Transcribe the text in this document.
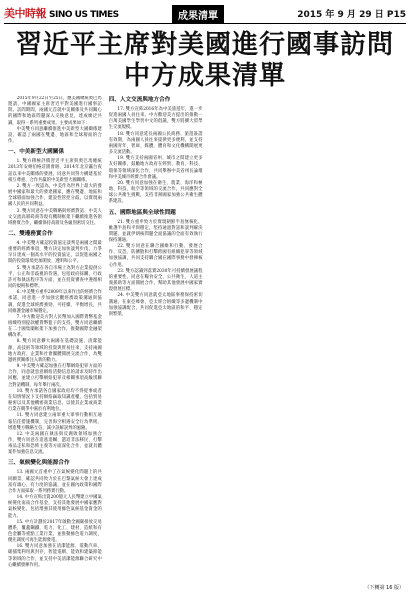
美中時報 SINO US TIMES	成果清單	2015 年 9 月 29 日 P15
習近平主席對美國進行國事訪問
中方成果清單

2015年9月22日至25日，應美國總統奧巴馬邀請，中國國家主席習近平對美國進行國事訪問。訪問期間，兩國元首就中美關係及共同關心的國際和地區問題深入交換意見，達成廣泛共識，取得一系列重要成果。主要成果如下：

中美雙方同意繼續推進中美新型大國關係建設，確認了兩國在雙邊、地區和全球層面的合作。

一、中美新型大國關係

1. 雙方積極評價習近平主席與奧巴馬總統2013年安納伯格莊園會晤、2014年北京瀛台夜話以來中美關係的發展，同意共同努力構建基於相互尊重、合作共贏的中美新型大國關係。

2. 雙方一致認為，中美作為世界上最大的發展中國家和最大的發達國家，應在雙邊、地區和全球層面加強合作，建設性管控分歧，以實現兩國人民的共同利益。

3. 雙方同意在中美戰略與經濟對話、中美人文交流高層磋商等現有機制框架下繼續推進各領域務實合作，繼續保持高層及各級別密切交往。

二、雙邊務實合作

4. 中美雙方確認投資協定談判是兩國之間最重要的經濟事項，雙方決定加快談判步伐，力爭早日達成一個高水平的投資協定，以促進兩國之間的投資環境更加開放、透明和公平。

5. 雙方承諾在各自市場上為對方企業提供公平、公正和非歧視的待遇，包括政府採購、行政許可和執法程序等方面，並在投資審查中遵循相同的規則和標準。

6. 中美雙方重申2009年以來作出的經濟合作承諾，同意進一步加強宏觀經濟政策溝通與協調，促進全球經濟強勁、可持續、平衡增長，共同維護金融市場穩定。

7. 中方歡迎美方對人民幣加入國際貨幣基金組織特別提款權貨幣籃子的支持，雙方同意繼續在二十國集團框架下加強合作，推動國際金融架構改革。

8. 雙方同意擴大兩國在基礎設施、清潔能源、高技術等領域的投資與貿易往來，支持兩國地方政府、企業和社會團體開展交流合作，為雙邊經貿關係注入新的動力。

9. 中美雙方確認加強在打擊網絡犯罪方面的合作，同意就惡意網絡活動信息的請求及時作出回應，並建立打擊網絡犯罪及相關事項高級別聯合對話機制，每年舉行兩次。

10. 雙方承諾各自國家政府均不得從事或者在知情情況下支持網絡竊取知識產權，包括貿易秘密以及其他機密商業信息，以使其企業或商業行業在競爭中處於有利地位。

11. 雙方同意建立兩軍重大軍事行動相互通報信任措施機制，完善海空相遇安全行為準則，增進雙方戰略互信，減少誤解誤判的風險。

12. 中美兩國在執法與反腐敗領域加強合作，雙方同意在追逃追贓、遣返非法移民、打擊毒品走私和恐怖主義等方面深化合作，並就具體案件加強信息交流。

三、氣候變化與能源合作

13. 兩國元首重申了在氣候變化問題上的共同願景，確認共同致力於在巴黎氣候大會上達成富有雄心、有力度的協議，並在國內政策和國際合作方面採取一系列務實行動。

14. 中方宣佈出資200億元人民幣建立中國氣候變化南南合作基金，支持其他發展中國家應對氣候變化，包括增強其使用綠色氣候基金資金的能力。

15. 中方計劃於2017年啟動全國碳排放交易體系，覆蓋鋼鐵、電力、化工、建材、造紙和有色金屬等重點工業行業，並推動綠色電力調度，優先調度可再生能源發電。

16. 雙方同意加強在清潔能源、電動汽車、碳捕集利用與封存、智能電網、能效和建築節能等領域的合作，並支持中美清潔能源聯合研究中心繼續發揮作用。

四、人文交流與地方合作

17. 雙方宣佈2016年為中美旅遊年，進一步促進兩國人員往來。中方歡迎美方提出的推動一百萬美國學生學習中文的倡議，雙方將擴大留學生交流規模。

18. 雙方同意延長兩國公民商務、旅遊簽證有效期，為兩國人員往來提供更多便利，並支持兩國青年、智庫、媒體、體育和文化機構開展更多交流活動。

19. 雙方支持兩國省州、城市之間建立更多友好關係，鼓勵地方政府在經貿、教育、科技、環保等領域深化合作，共同舉辦中美省州長論壇和中美城市經濟合作會議。

20. 雙方同意加強在衛生、農業、海洋和極地、科技、航空等領域的交流合作，共同應對全球公共衛生挑戰，支持非洲國家加強公共衛生體系建設。

五、國際地區與全球性問題

21. 雙方重申致力於實現朝鮮半島無核化，維護半島和平與穩定，堅持通過對話和談判解決問題，並就伊朗核問題全面協議的全面有效執行保持溝通。

22. 雙方同意在聯合國維和行動、發展合作、反恐、防擴散和打擊跨國有組織犯罪等領域加強協調，共同支持聯合國在國際事務中發揮核心作用。

23. 雙方認識到落實2030年可持續發展議程的重要性，同意在糧食安全、公共衛生、人道主義援助等方面開展合作，幫助其他發展中國家實現發展目標。

24. 中美雙方同意就亞太地區事務保持密切溝通，在東亞峰會、亞太經合組織等多邊機制中加強協調配合，共同促進亞太地區的和平、穩定與繁榮。

（下轉第 16 版）
